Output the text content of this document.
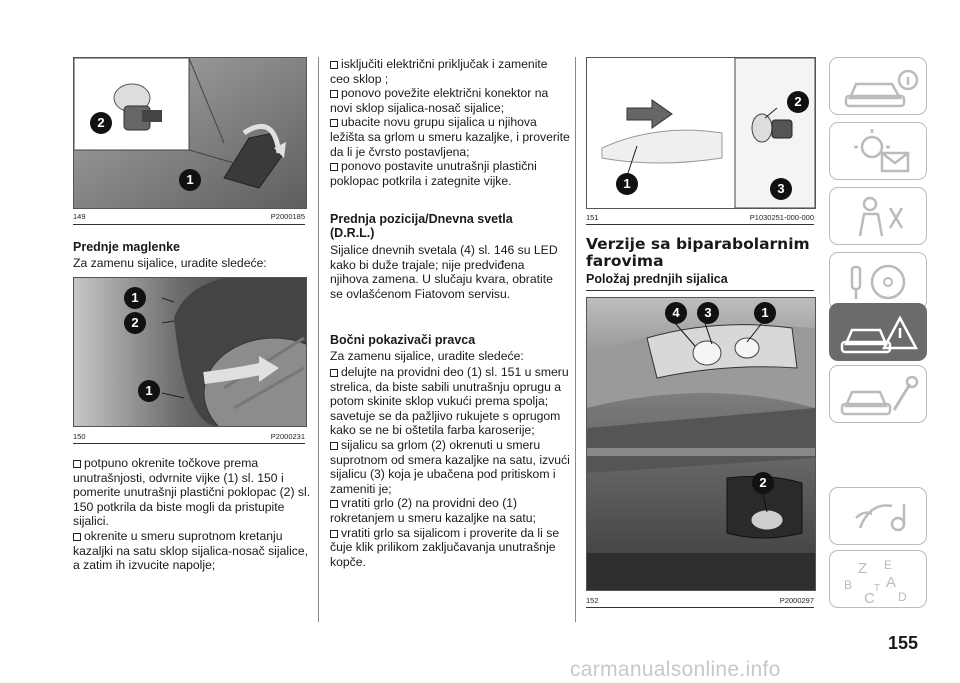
2
1
149	P2000185
Prednje maglenke
Za zamenu sijalice, uradite sledeće:
1
2
1
150	P2000231
potpuno okrenite točkove prema unutrašnjosti, odvrnite vijke (1) sl. 150 i pomerite unutrašnji plastični poklopac (2) sl. 150 potkrila da biste mogli da pristupite sijalici.
okrenite u smeru suprotnom kretanju kazaljki na satu sklop sijalica-nosač sijalice, a zatim ih izvucite napolje;
isključiti električni priključak i zamenite ceo sklop ;
ponovo povežite električni konektor na novi sklop sijalica-nosač sijalice;
ubacite novu grupu sijalica u njihova ležišta sa grlom u smeru kazaljke, i proverite da li je čvrsto postavljena;
ponovo postavite unutrašnji plastični poklopac potkrila i zategnite vijke.
Prednja pozicija/Dnevna svetla (D.R.L.)
Sijalice dnevnih svetala (4) sl. 146 su LED kako bi duže trajale; nije predviđena njihova zamena. U slučaju kvara, obratite se ovlašćenom Fiatovom servisu.
Bočni pokazivači pravca
Za zamenu sijalice, uradite sledeće:
delujte na providni deo (1) sl. 151 u smeru strelica, da biste sabili unutrašnju oprugu a potom skinite sklop vukući prema spolja; savetuje se da pažljivo rukujete s oprugom kako se ne bi oštetila farba karoserije;
sijalicu sa grlom (2) okrenuti u smeru suprotnom od smera kazaljke na satu, izvući sijalicu (3) koja je ubačena pod pritiskom i zameniti je;
vratiti grlo (2) na providni deo (1) rokretanjem u smeru kazaljke na satu;
vratiti grlo sa sijalicom i proverite da li se čuje klik prilikom zaključavanja unutrašnje kopče.
2
1	3
151	P1030251-000-000
Verzije sa biparabolarnim farovima
Položaj prednjih sijalica
4	3	1
2
152	P2000297
Z E
A
B
C D
T
155
carmanualsonline.info
